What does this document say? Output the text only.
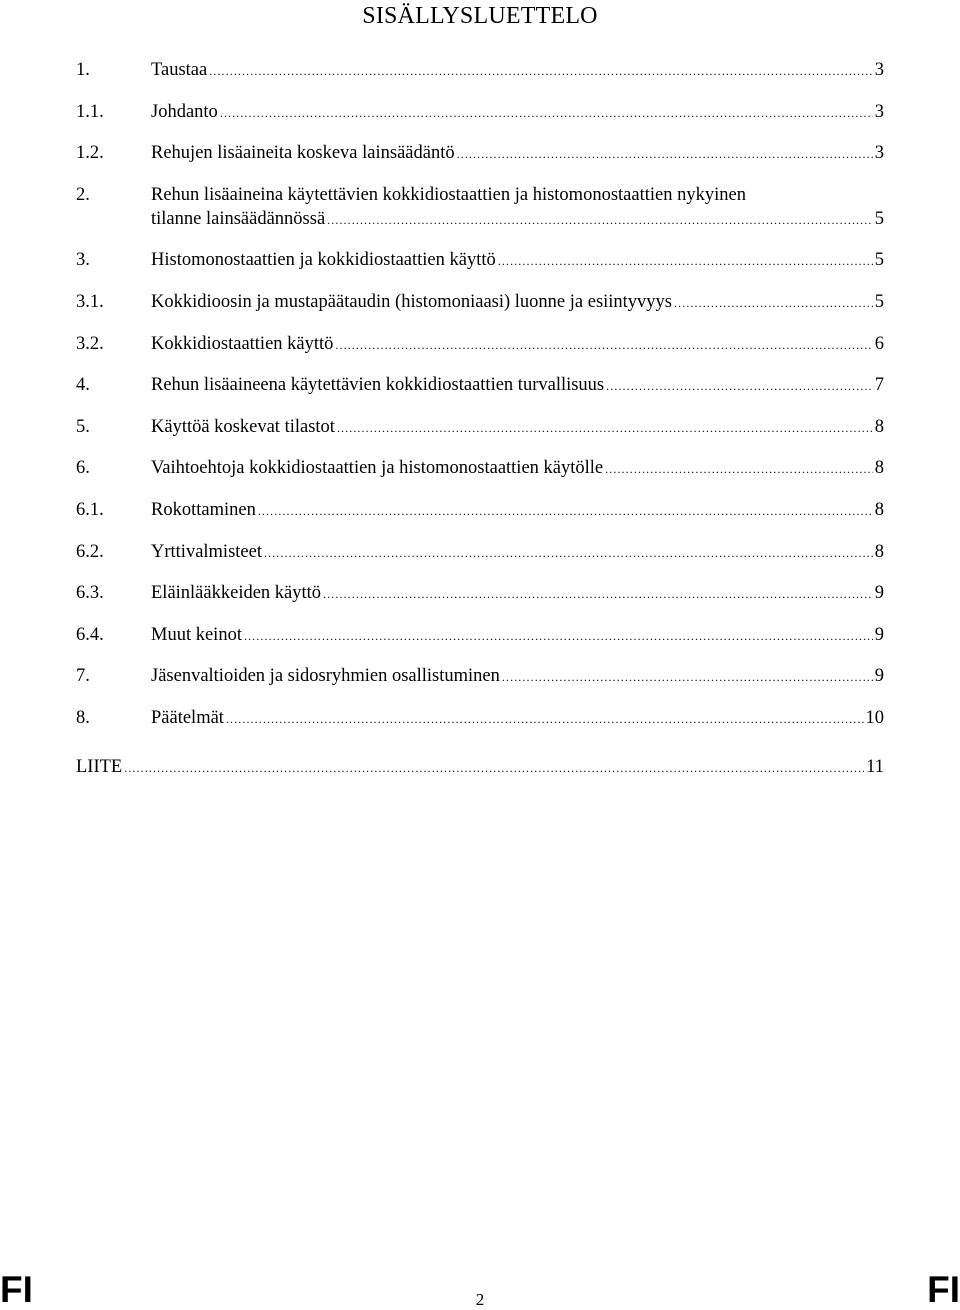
SISÄLLYSLUETTELO
1.	Taustaa .....	3
1.1.	Johdanto .....	3
1.2.	Rehujen lisäaineita koskeva lainsäädäntö .....	3
2.	Rehun lisäaineina käytettävien kokkidiostaattien ja histomonostaattien nykyinen
tilanne lainsäädännössä .....	5
3.	Histomonostaattien ja kokkidiostaattien käyttö .....	5
3.1.	Kokkidioosin ja mustapäätaudin (histomoniaasi) luonne ja esiintyvyys .....	5
3.2.	Kokkidiostaattien käyttö .....	6
4.	Rehun lisäaineena käytettävien kokkidiostaattien turvallisuus .....	7
5.	Käyttöä koskevat tilastot .....	8
6.	Vaihtoehtoja kokkidiostaattien ja histomonostaattien käytölle .....	8
6.1.	Rokottaminen .....	8
6.2.	Yrttivalmisteet .....	8
6.3.	Eläinlääkkeiden käyttö .....	9
6.4.	Muut keinot .....	9
7.	Jäsenvaltioiden ja sidosryhmien osallistuminen .....	9
8.	Päätelmät .....	10
LIITE .....	11
FI	2	FI
